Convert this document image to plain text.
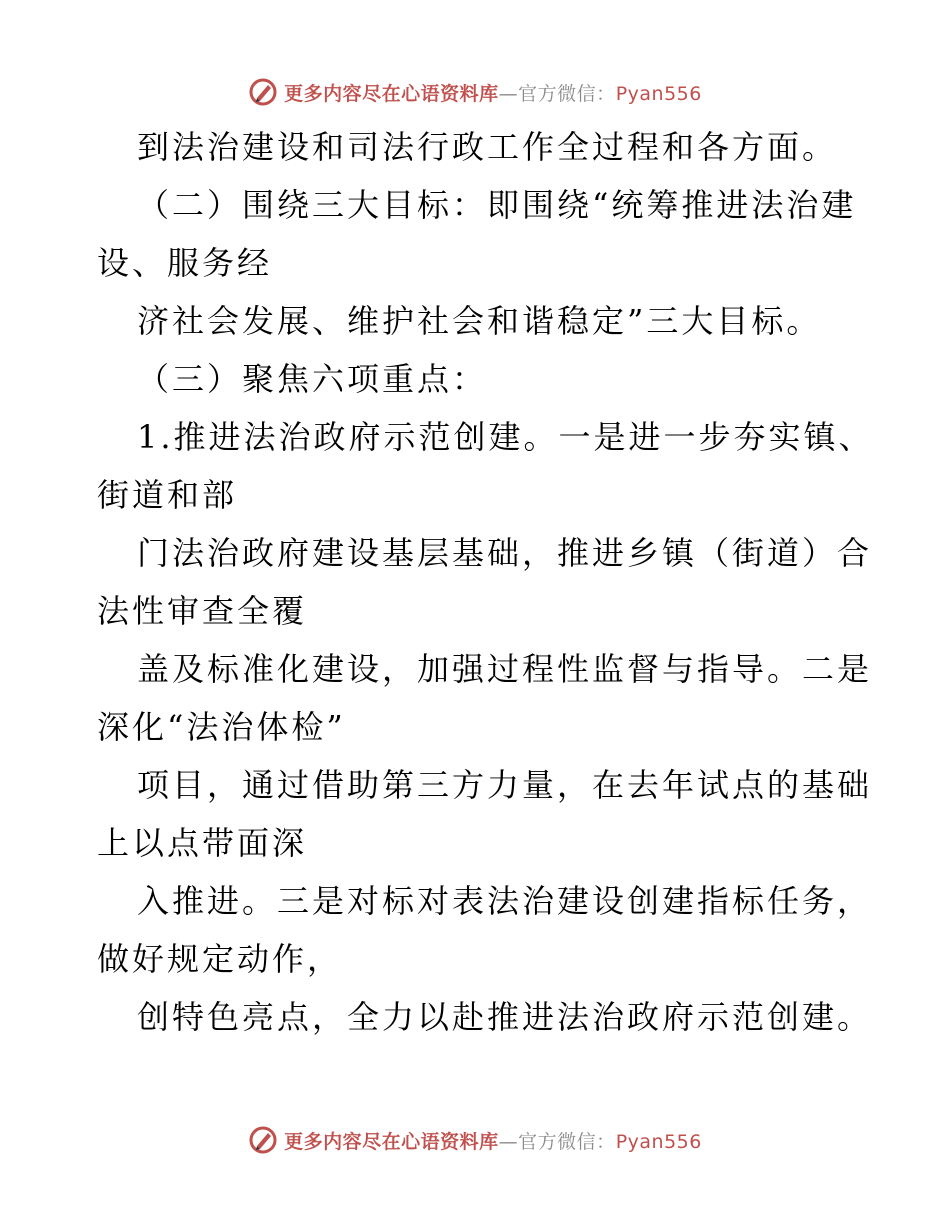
更多内容尽在心语资料库—官方微信：Pyan556
到法治建设和司法行政工作全过程和各方面。
（二）围绕三大目标：即围绕“统筹推进法治建
设、服务经
济社会发展、维护社会和谐稳定”三大目标。
（三）聚焦六项重点：
1.推进法治政府示范创建。一是进一步夯实镇、
街道和部
门法治政府建设基层基础，推进乡镇（街道）合
法性审查全覆
盖及标准化建设，加强过程性监督与指导。二是
深化“法治体检”
项目，通过借助第三方力量，在去年试点的基础
上以点带面深
入推进。三是对标对表法治建设创建指标任务，
做好规定动作，
创特色亮点，全力以赴推进法治政府示范创建。
更多内容尽在心语资料库—官方微信：Pyan556
